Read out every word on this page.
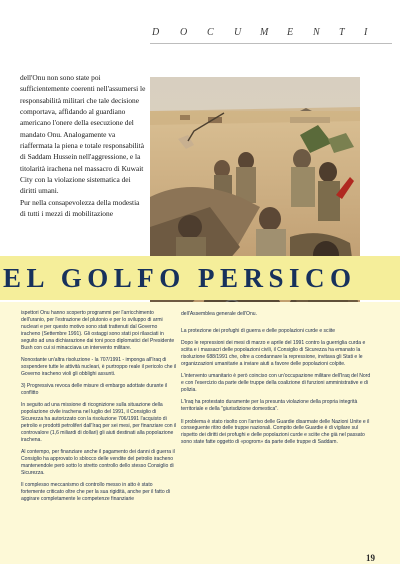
D O C U M E N T I

dell'Onu non sono state poi sufficientemente coerenti nell'assumersi le responsabilità militari che tale decisione comportava, affidando al guardiano americano l'onere della esecuzione del mandato Onu. Analogamente va riaffermata la piena e totale responsabilità di Saddam Hussein nell'aggressione, e la titolarità irachena nel massacro di Kuwait City con la violazione sistematica dei diritti umani.

Pur nella consapevolezza della modestia di tutti i mezzi di mobilitazione

EL GOLFO PERSICO

ispettori Onu hanno scoperto programmi per l'arricchimento dell'uranio, per l'estrazione del plutonio e per lo sviluppo di armi nucleari e per questo motivo sono stati trattenuti dal Governo iracheno (Settembre 1991). Gli ostaggi sono stati poi rilasciati in seguito ad una dichiarazione dai toni poco diplomatici del Presidente Bush con cui si minacciava un intervento militare.

Nonostante un'altra risoluzione - la 707/1991 - imponga all'Iraq di sospendere tutte le attività nucleari, è purtroppo reale il pericolo che il Governo iracheno violi gli obblighi assunti.

3) Progressiva revoca delle misure di embargo adottate durante il conflitto

In seguito ad una missione di ricognizione sulla situazione della popolazione civile irachena nel luglio del 1991, il Consiglio di Sicurezza ha autorizzato con la risoluzione 706/1991 l'acquisto di petrolio e prodotti petroliferi dall'Iraq per sei mesi, per finanziare con il controvalore (1,6 miliardi di dollari) gli aiuti destinati alla popolazione irachena.

Al contempo, per finanziare anche il pagamento dei danni di guerra il Consiglio ha approvato lo sblocco delle vendite del petrolio iracheno mantenendole però sotto lo stretto controllo dello stesso Consiglio di Sicurezza.

Il complesso meccanismo di controllo messo in atto è stato fortemente criticato oltre che per la sua rigidità, anche per il fatto di aggirare completamente le competenze finanziarie

dell'Assemblea generale dell'Onu.

La protezione dei profughi di guerra e delle popolazioni curde e sciite

Dopo le repressioni dei mesi di marzo e aprile del 1991 contro la guerriglia curda e sciita e i massacri delle popolazioni civili, il Consiglio di Sicurezza ha emanato la risoluzione 688/1991 che, oltre a condannare la repressione, invitava gli Stati e le organizzazioni umanitarie a inviare aiuti a favore delle popolazioni colpite.

L'intervento umanitario è però coinciso con un'occupazione militare dell'Iraq del Nord e con l'esercizio da parte delle truppe della coalizione di funzioni amministrative e di polizia.

L'Iraq ha protestato duramente per la presunta violazione della propria integrità territoriale e della "giurisdizione domestica".

Il problema è stato risolto con l'arrivo delle Guardie disarmate delle Nazioni Unite e il conseguente ritiro delle truppe nazionali. Compito delle Guardie è di vigilare sul rispetto dei diritti dei profughi e delle popolazioni curde e sciite che già nel passato sono state fatte oggetto di «pogrom» da parte delle truppe di Saddam.

19
